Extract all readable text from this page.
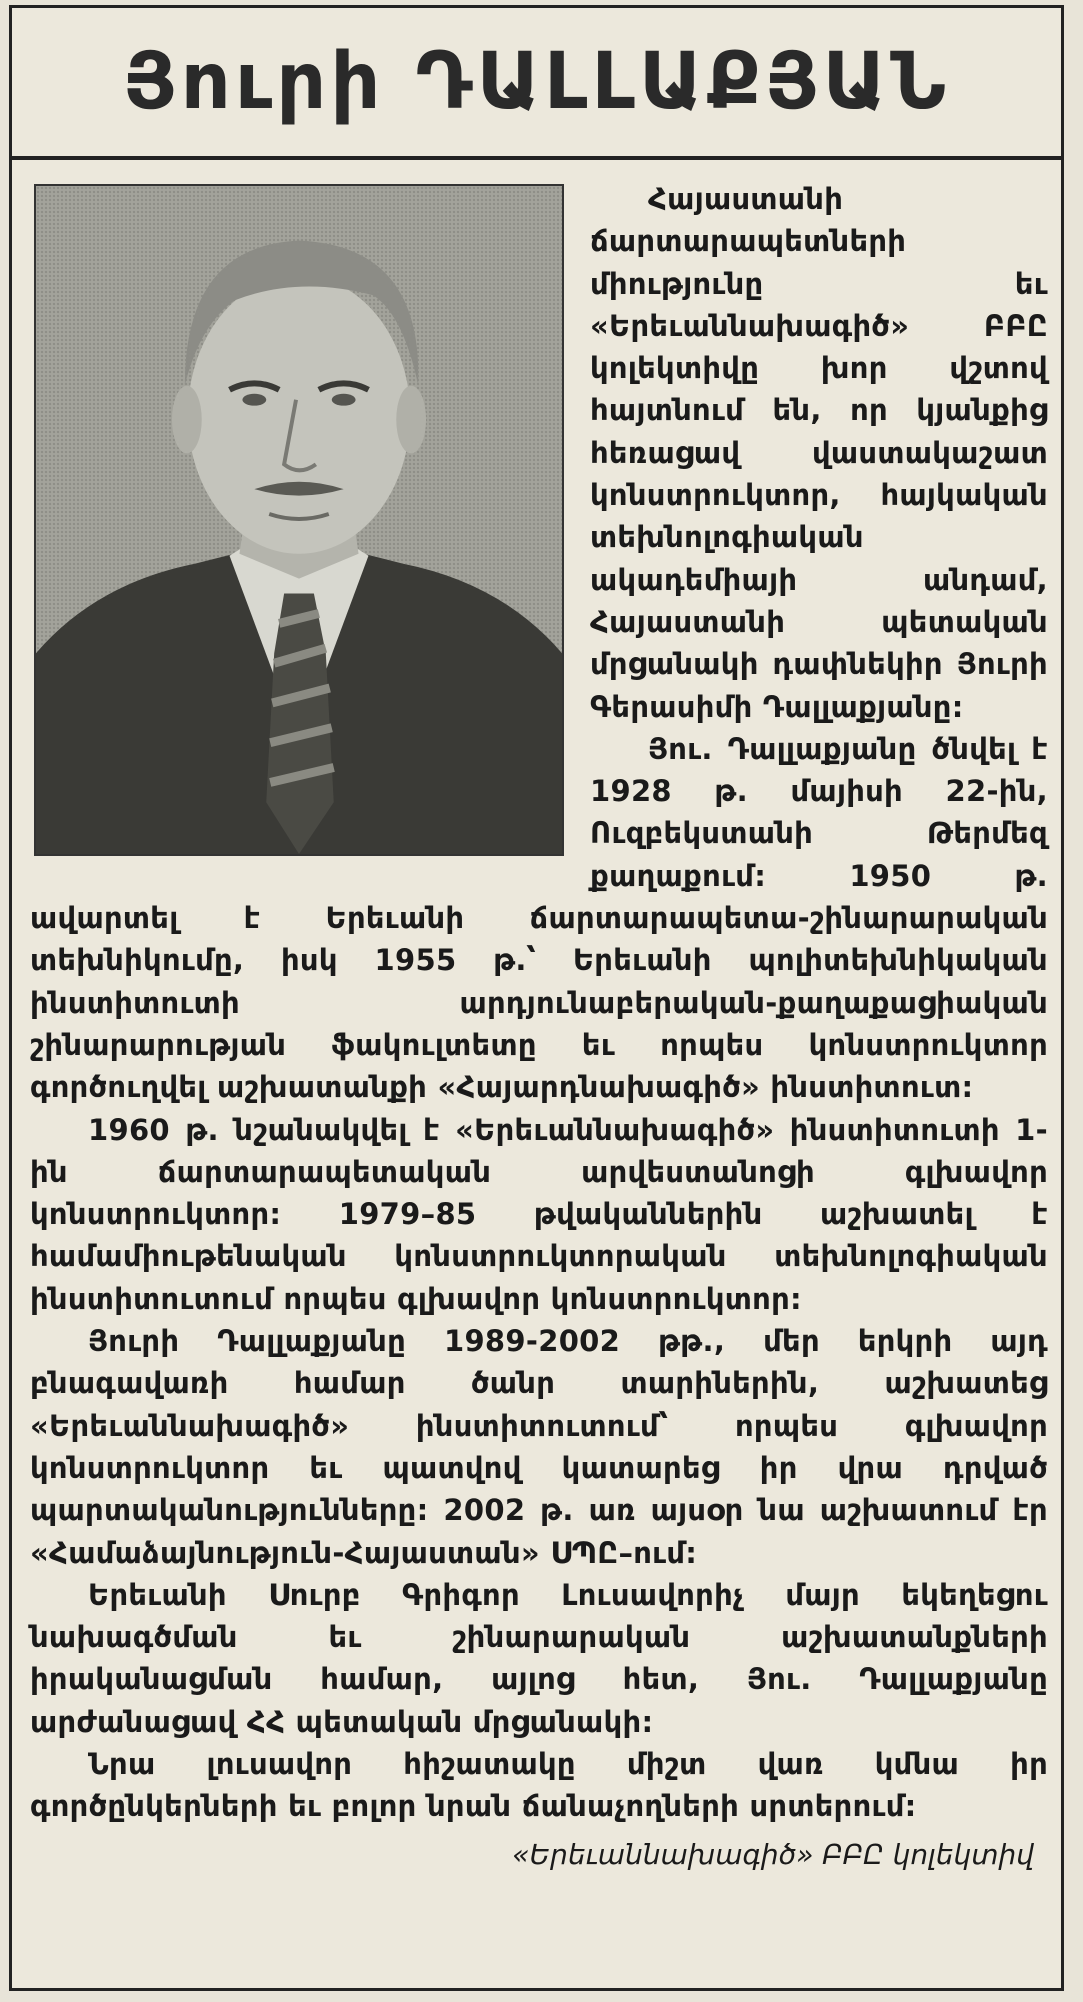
Յուրի ԴԱԼԼԱՔՅԱՆ

Հայաստանի ճարտարապետների միությունը եւ «Երեւաննախագիծ» ԲԲԸ կոլեկտիվը խոր վշտով հայտնում են, որ կյանքից հեռացավ վաստակաշատ կոնստրուկտոր, հայկական տեխնոլոգիական ակադեմիայի անդամ, Հայաստանի պետական մրցանակի դափնեկիր Յուրի Գերասիմի Դալլաքյանը:

Յու. Դալլաքյանը ծնվել է 1928 թ. մայիսի 22-ին, Ուզբեկստանի Թերմեզ քաղաքում: 1950 թ. ավարտել է Երեւանի ճարտարապետա-շինարարական տեխնիկումը, իսկ 1955 թ.՝ Երեւանի պոլիտեխնիկական ինստիտուտի արդյունաբերական-քաղաքացիական շինարարության ֆակուլտետը եւ որպես կոնստրուկտոր գործուղվել աշխատանքի «Հայարդնախագիծ» ինստիտուտ:

1960 թ. նշանակվել է «Երեւաննախագիծ» ինստիտուտի 1-ին ճարտարապետական արվեստանոցի գլխավոր կոնստրուկտոր: 1979–85 թվականներին աշխատել է համամիութենական կոնստրուկտորական տեխնոլոգիական ինստիտուտում որպես գլխավոր կոնստրուկտոր:

Յուրի Դալլաքյանը 1989-2002 թթ., մեր երկրի այդ բնագավառի համար ծանր տարիներին, աշխատեց «Երեւաննախագիծ» ինստիտուտում՝ որպես գլխավոր կոնստրուկտոր եւ պատվով կատարեց իր վրա դրված պարտականությունները: 2002 թ. առ այսօր նա աշխատում էր «Համաձայնություն-Հայաստան» ՍՊԸ–ում:

Երեւանի Սուրբ Գրիգոր Լուսավորիչ մայր եկեղեցու նախագծման եւ շինարարական աշխատանքների իրականացման համար, այլոց հետ, Յու. Դալլաքյանը արժանացավ ՀՀ պետական մրցանակի:

Նրա լուսավոր հիշատակը միշտ վառ կմնա իր գործընկերների եւ բոլոր նրան ճանաչողների սրտերում:

«Երեւաննախագիծ» ԲԲԸ կոլեկտիվ
